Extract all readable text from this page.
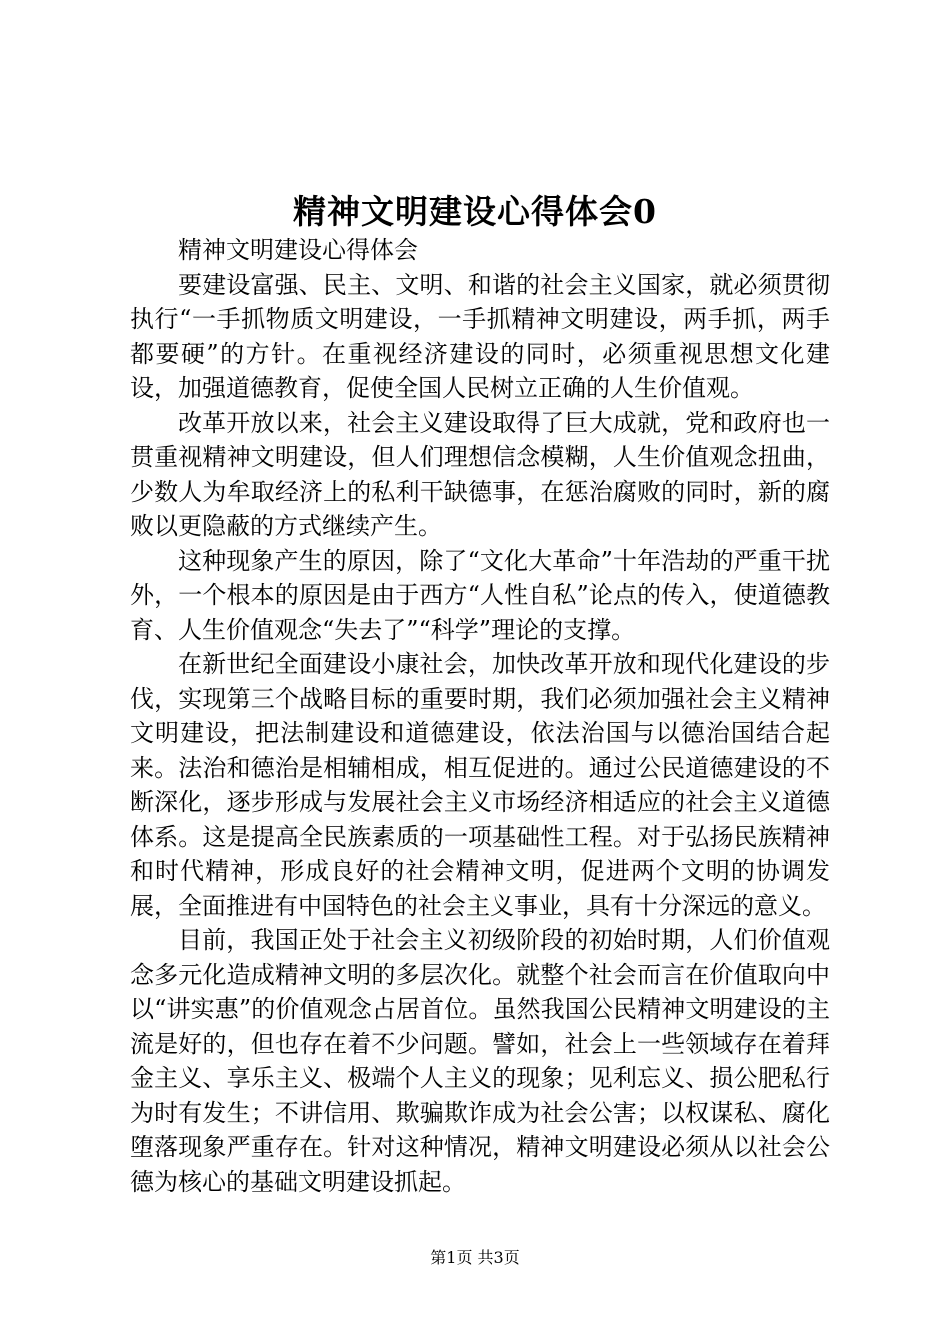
精神文明建设心得体会0

精神文明建设心得体会

要建设富强、民主、文明、和谐的社会主义国家，就必须贯彻执行“一手抓物质文明建设，一手抓精神文明建设，两手抓，两手都要硬”的方针。在重视经济建设的同时，必须重视思想文化建设，加强道德教育，促使全国人民树立正确的人生价值观。

改革开放以来，社会主义建设取得了巨大成就，党和政府也一贯重视精神文明建设，但人们理想信念模糊，人生价值观念扭曲，少数人为牟取经济上的私利干缺德事，在惩治腐败的同时，新的腐败以更隐蔽的方式继续产生。

这种现象产生的原因，除了“文化大革命”十年浩劫的严重干扰外，一个根本的原因是由于西方“人性自私”论点的传入，使道德教育、人生价值观念“失去了”“科学”理论的支撑。

在新世纪全面建设小康社会，加快改革开放和现代化建设的步伐，实现第三个战略目标的重要时期，我们必须加强社会主义精神文明建设，把法制建设和道德建设，依法治国与以德治国结合起来。法治和德治是相辅相成，相互促进的。通过公民道德建设的不断深化，逐步形成与发展社会主义市场经济相适应的社会主义道德体系。这是提高全民族素质的一项基础性工程。对于弘扬民族精神和时代精神，形成良好的社会精神文明，促进两个文明的协调发展，全面推进有中国特色的社会主义事业，具有十分深远的意义。

目前，我国正处于社会主义初级阶段的初始时期，人们价值观念多元化造成精神文明的多层次化。就整个社会而言在价值取向中以“讲实惠”的价值观念占居首位。虽然我国公民精神文明建设的主流是好的，但也存在着不少问题。譬如，社会上一些领域存在着拜金主义、享乐主义、极端个人主义的现象；见利忘义、损公肥私行为时有发生；不讲信用、欺骗欺诈成为社会公害；以权谋私、腐化堕落现象严重存在。针对这种情况，精神文明建设必须从以社会公德为核心的基础文明建设抓起。

第1页 共3页
